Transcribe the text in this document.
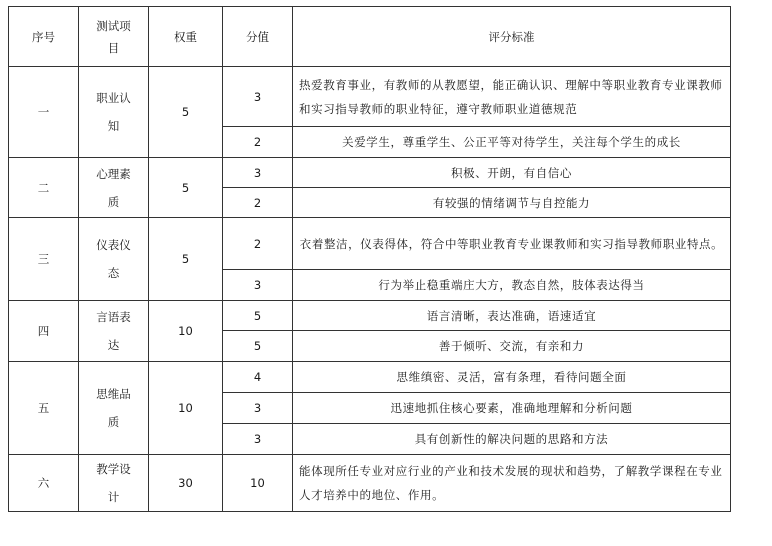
序号	测试项目	权重	分值	评分标准
一	职业认知	5	3	热爱教育事业，有教师的从教愿望，能正确认识、理解中等职业教育专业课教师和实习指导教师的职业特征，遵守教师职业道德规范
			2	关爱学生，尊重学生、公正平等对待学生，关注每个学生的成长
二	心理素质	5	3	积极、开朗，有自信心
			2	有较强的情绪调节与自控能力
三	仪表仪态	5	2	衣着整洁，仪表得体，符合中等职业教育专业课教师和实习指导教师职业特点。
			3	行为举止稳重端庄大方，教态自然，肢体表达得当
四	言语表达	10	5	语言清晰，表达准确，语速适宜
			5	善于倾听、交流，有亲和力
五	思维品质	10	4	思维缜密、灵活，富有条理，看待问题全面
			3	迅速地抓住核心要素，准确地理解和分析问题
			3	具有创新性的解决问题的思路和方法
六	教学设计	30	10	能体现所任专业对应行业的产业和技术发展的现状和趋势，了解教学课程在专业人才培养中的地位、作用。
